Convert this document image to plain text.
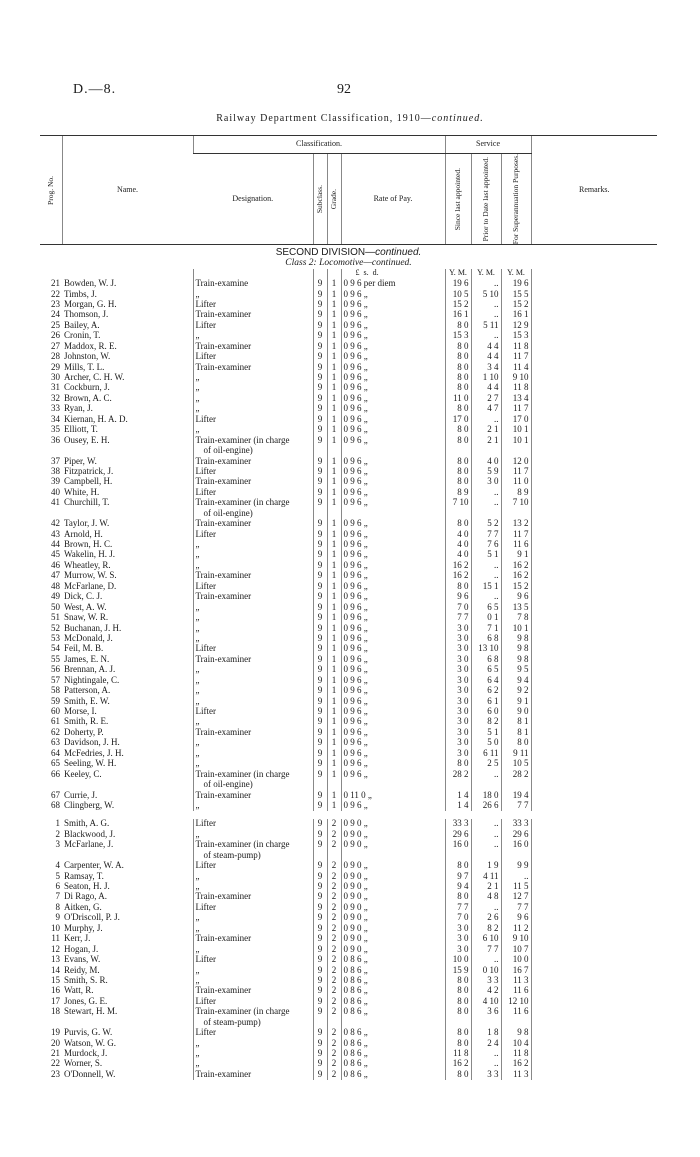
D.—8.	92
Railway Department Classification, 1910—continued.
Prog. No.	Name.	Classification.				Service			Remarks.
		Designation.	Subclass.	Grade.	Rate of Pay.	Since last appointed.	Prior to Date last appointed.	For Superannuation Purposes.	

SECOND DIVISION—continued.									
Class 2: Locomotive—continued.									
					£ s. d.	Y. M.	Y. M.	Y. M.	
21	Bowden, W. J.	Train-examine	9	1	0 9 6 per diem	19 6	..	19 6	
22	Timbs, J.	„	9	1	0 9 6 „	10 5	5 10	15 5	
23	Morgan, G. H.	Lifter	9	1	0 9 6 „	15 2	..	15 2	
24	Thomson, J.	Train-examiner	9	1	0 9 6 „	16 1	..	16 1	
25	Bailey, A.	Lifter	9	1	0 9 6 „	8 0	5 11	12 9	
26	Cronin, T.	„	9	1	0 9 6 „	15 3	..	15 3	
27	Maddox, R. E.	Train-examiner	9	1	0 9 6 „	8 0	4 4	11 8	
28	Johnston, W.	Lifter	9	1	0 9 6 „	8 0	4 4	11 7	
29	Mills, T. L.	Train-examiner	9	1	0 9 6 „	8 0	3 4	11 4	
30	Archer, C. H. W.	„	9	1	0 9 6 „	8 0	1 10	9 10	
31	Cockburn, J.	„	9	1	0 9 6 „	8 0	4 4	11 8	
32	Brown, A. C.	„	9	1	0 9 6 „	11 0	2 7	13 4	
33	Ryan, J.	„	9	1	0 9 6 „	8 0	4 7	11 7	
34	Kiernan, H. A. D.	Lifter	9	1	0 9 6 „	17 0	..	17 0	
35	Elliott, T.	„	9	1	0 9 6 „	8 0	2 1	10 1	
36	Ousey, E. H.	Train-examiner (in charge	9	1	0 9 6 „	8 0	2 1	10 1	
		of oil-engine)							
37	Piper, W.	Train-examiner	9	1	0 9 6 „	8 0	4 0	12 0	
38	Fitzpatrick, J.	Lifter	9	1	0 9 6 „	8 0	5 9	11 7	
39	Campbell, H.	Train-examiner	9	1	0 9 6 „	8 0	3 0	11 0	
40	White, H.	Lifter	9	1	0 9 6 „	8 9	..	8 9	
41	Churchill, T.	Train-examiner (in charge	9	1	0 9 6 „	7 10	..	7 10	
		of oil-engine)							
42	Taylor, J. W.	Train-examiner	9	1	0 9 6 „	8 0	5 2	13 2	
43	Arnold, H.	Lifter	9	1	0 9 6 „	4 0	7 7	11 7	
44	Brown, H. C.	„	9	1	0 9 6 „	4 0	7 6	11 6	
45	Wakelin, H. J.	„	9	1	0 9 6 „	4 0	5 1	9 1	
46	Wheatley, R.	„	9	1	0 9 6 „	16 2	..	16 2	
47	Murrow, W. S.	Train-examiner	9	1	0 9 6 „	16 2	..	16 2	
48	McFarlane, D.	Lifter	9	1	0 9 6 „	8 0	15 1	15 2	
49	Dick, C. J.	Train-examiner	9	1	0 9 6 „	9 6	..	9 6	
50	West, A. W.	„	9	1	0 9 6 „	7 0	6 5	13 5	
51	Snaw, W. R.	„	9	1	0 9 6 „	7 7	0 1	7 8	
52	Buchanan, J. H.	„	9	1	0 9 6 „	3 0	7 1	10 1	
53	McDonald, J.	„	9	1	0 9 6 „	3 0	6 8	9 8	
54	Feil, M. B.	Lifter	9	1	0 9 6 „	3 0	13 10	9 8	
55	James, E. N.	Train-examiner	9	1	0 9 6 „	3 0	6 8	9 8	
56	Brennan, A. J.	„	9	1	0 9 6 „	3 0	6 5	9 5	
57	Nightingale, C.	„	9	1	0 9 6 „	3 0	6 4	9 4	
58	Patterson, A.	„	9	1	0 9 6 „	3 0	6 2	9 2	
59	Smith, E. W.	„	9	1	0 9 6 „	3 0	6 1	9 1	
60	Morse, I.	Lifter	9	1	0 9 6 „	3 0	6 0	9 0	
61	Smith, R. E.	„	9	1	0 9 6 „	3 0	8 2	8 1	
62	Doherty, P.	Train-examiner	9	1	0 9 6 „	3 0	5 1	8 1	
63	Davidson, J. H.	„	9	1	0 9 6 „	3 0	5 0	8 0	
64	McFedries, J. H.	„	9	1	0 9 6 „	3 0	6 11	9 11	
65	Seeling, W. H.	„	9	1	0 9 6 „	8 0	2 5	10 5	
66	Keeley, C.	Train-examiner (in charge	9	1	0 9 6 „	28 2	..	28 2	
		of oil-engine)							
67	Currie, J.	Train-examiner	9	1	0 11 0 „	1 4	18 0	19 4	
68	Clingberg, W.	„	9	1	0 9 6 „	1 4	26 6	7 7	

1	Smith, A. G.	Lifter	9	2	0 9 0 „	33 3	..	33 3	
2	Blackwood, J.	„	9	2	0 9 0 „	29 6	..	29 6	
3	McFarlane, J.	Train-examiner (in charge	9	2	0 9 0 „	16 0	..	16 0	
		of steam-pump)							
4	Carpenter, W. A.	Lifter	9	2	0 9 0 „	8 0	1 9	9 9	
5	Ramsay, T.	„	9	2	0 9 0 „	9 7	4 11	..	
6	Seaton, H. J.	„	9	2	0 9 0 „	9 4	2 1	11 5	
7	Di Rago, A.	Train-examiner	9	2	0 9 0 „	8 0	4 8	12 7	
8	Aitken, G.	Lifter	9	2	0 9 0 „	7 7	..	7 7	
9	O'Driscoll, P. J.	„	9	2	0 9 0 „	7 0	2 6	9 6	
10	Murphy, J.	„	9	2	0 9 0 „	3 0	8 2	11 2	
11	Kerr, J.	Train-examiner	9	2	0 9 0 „	3 0	6 10	9 10	
12	Hogan, J.	„	9	2	0 9 0 „	3 0	7 7	10 7	
13	Evans, W.	Lifter	9	2	0 8 6 „	10 0	..	10 0	
14	Reidy, M.	„	9	2	0 8 6 „	15 9	0 10	16 7	
15	Smith, S. R.	„	9	2	0 8 6 „	8 0	3 3	11 3	
16	Watt, R.	Train-examiner	9	2	0 8 6 „	8 0	4 2	11 6	
17	Jones, G. E.	Lifter	9	2	0 8 6 „	8 0	4 10	12 10	
18	Stewart, H. M.	Train-examiner (in charge	9	2	0 8 6 „	8 0	3 6	11 6	
		of steam-pump)							
19	Purvis, G. W.	Lifter	9	2	0 8 6 „	8 0	1 8	9 8	
20	Watson, W. G.	„	9	2	0 8 6 „	8 0	2 4	10 4	
21	Murdock, J.	„	9	2	0 8 6 „	11 8	..	11 8	
22	Worner, S.	„	9	2	0 8 6 „	16 2	..	16 2	
23	O'Donnell, W.	Train-examiner	9	2	0 8 6 „	8 0	3 3	11 3	
